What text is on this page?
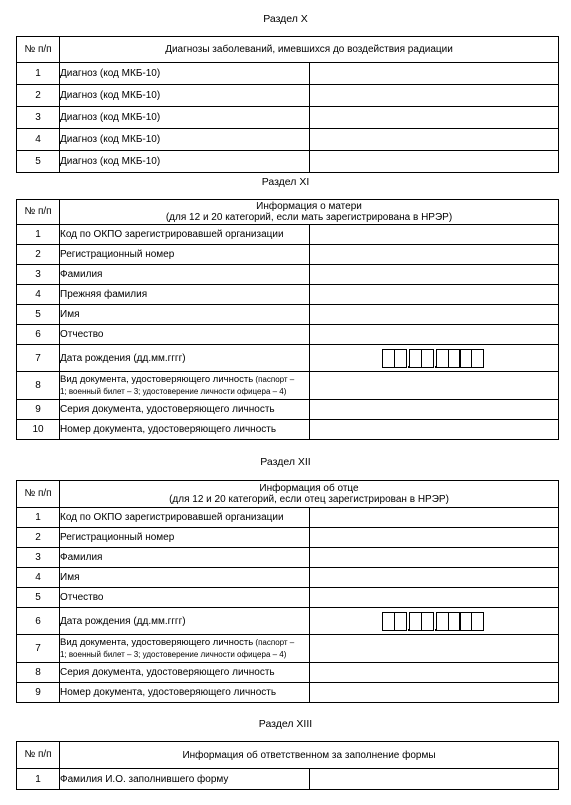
Раздел X
№ п/п	Диагнозы заболеваний, имевшихся до воздействия радиации	
1	Диагноз (код МКБ-10)	
2	Диагноз (код МКБ-10)	
3	Диагноз (код МКБ-10)	
4	Диагноз (код МКБ-10)	
5	Диагноз (код МКБ-10)	
Раздел XI
№ п/п	Информация о матери
(для 12 и 20 категорий, если мать зарегистрирована в НРЭР)	

1	Код по ОКПО зарегистрировавшей организации	
2	Регистрационный номер	
3	Фамилия	
4	Прежняя фамилия	
5	Имя	
6	Отчество	
7	Дата рождения (дд.мм.гггг)	

8	Вид документа, удостоверяющего личность (паспорт –
1; военный билет – 3; удостоверение личности офицера – 4)	
9	Серия документа, удостоверяющего личность	
10	Номер документа, удостоверяющего личность	
Раздел XII
№ п/п	Информация об отце
(для 12 и 20 категорий, если отец зарегистрирован в НРЭР)	

1	Код по ОКПО зарегистрировавшей организации	
2	Регистрационный номер	
3	Фамилия	
4	Имя	
5	Отчество	
6	Дата рождения (дд.мм.гггг)	

7	Вид документа, удостоверяющего личность (паспорт –
1; военный билет – 3; удостоверение личности офицера – 4)	
8	Серия документа, удостоверяющего личность	
9	Номер документа, удостоверяющего личность	
Раздел XIII
№ п/п	Информация об ответственном за заполнение формы	
1	Фамилия И.О. заполнившего форму	
